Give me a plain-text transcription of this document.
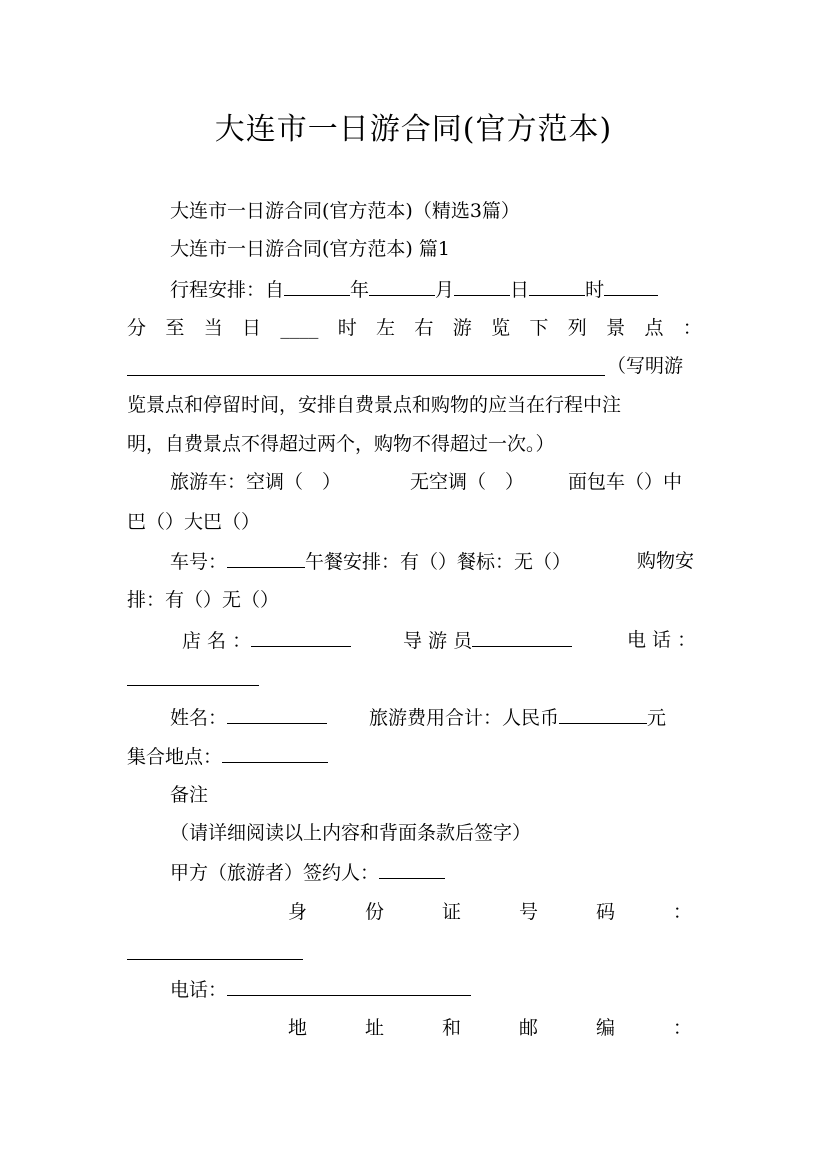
大连市一日游合同(官方范本)
大连市一日游合同(官方范本)（精选3篇）
大连市一日游合同(官方范本) 篇1
行程安排：自	年	月	日	时
分 至 当 日 ____ 时 左 右 游 览 下 列 景 点 ：
（写明游
览景点和停留时间，安排自费景点和购物的应当在行程中注
明，自费景点不得超过两个，购物不得超过一次。）
旅游车：空调（　）	无空调（　） 面包车（）中
巴（）大巴（）
车号：	午餐安排：有（）餐标：无（）	购物安
排：有（）无（）
店 名 ：	导 游 员	电 话 ：
姓名：	旅游费用合计：人民币	元
集合地点：
备注
（请详细阅读以上内容和背面条款后签字）
甲方（旅游者）签约人：
身	份	证	号	码	：
电话：
地	址	和	邮	编	：
